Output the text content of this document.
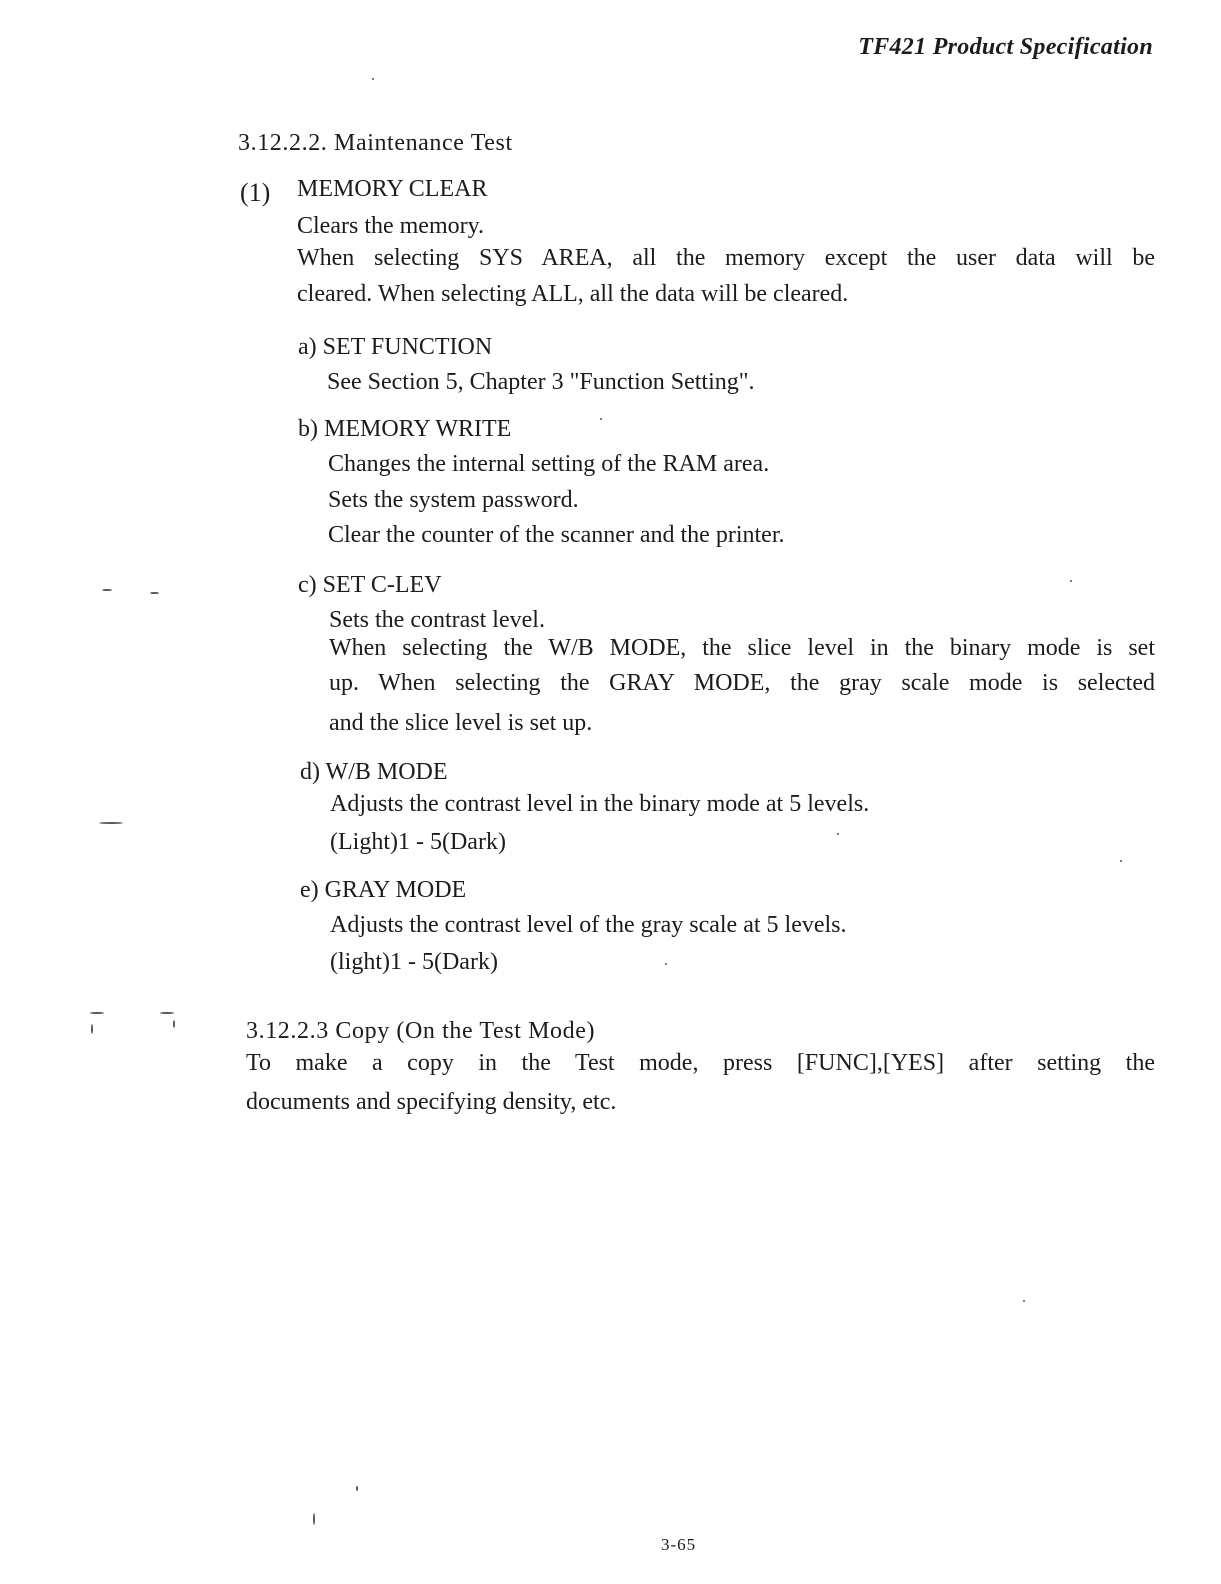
TF421 Product Specification
3.12.2.2. Maintenance Test
(1) MEMORY CLEAR
Clears the memory.
When selecting SYS AREA, all the memory except the user data will be
cleared. When selecting ALL, all the data will be cleared.
a) SET FUNCTION
See Section 5, Chapter 3 "Function Setting".
b) MEMORY WRITE
Changes the internal setting of the RAM area.
Sets the system password.
Clear the counter of the scanner and the printer.
c) SET C-LEV
Sets the contrast level.
When selecting the W/B MODE, the slice level in the binary mode is set
up. When selecting the GRAY MODE, the gray scale mode is selected
and the slice level is set up.
d) W/B MODE
Adjusts the contrast level in the binary mode at 5 levels.
(Light)1 - 5(Dark)
e) GRAY MODE
Adjusts the contrast level of the gray scale at 5 levels.
(light)1 - 5(Dark)
3.12.2.3 Copy (On the Test Mode)
To make a copy in the Test mode, press [FUNC],[YES] after setting the
documents and specifying density, etc.
3-65
